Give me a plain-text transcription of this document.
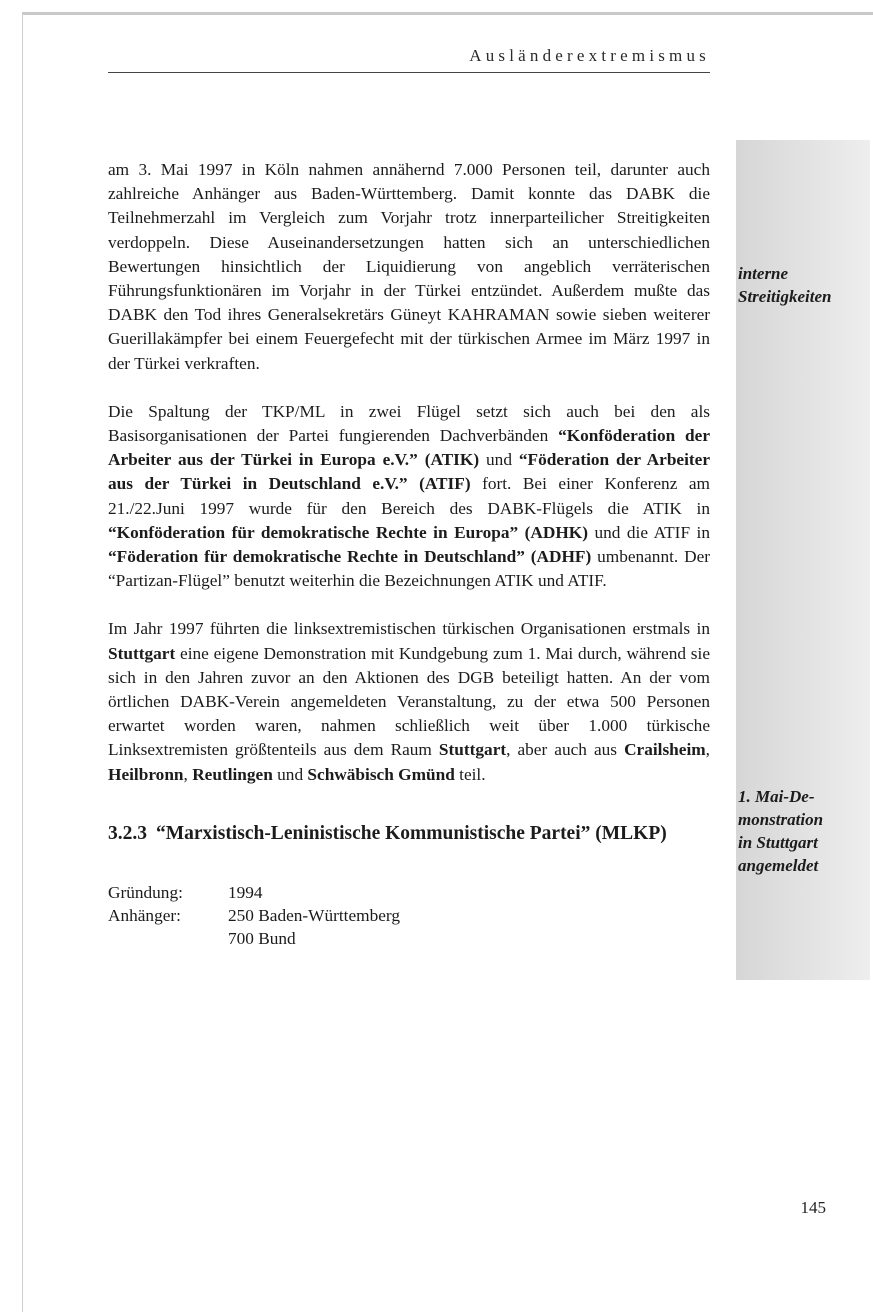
Ausländerextremismus

am 3. Mai 1997 in Köln nahmen annähernd 7.000 Personen teil, darunter auch zahlreiche Anhänger aus Baden-Württemberg. Damit konnte das DABK die Teilnehmerzahl im Vergleich zum Vorjahr trotz innerparteilicher Streitigkeiten verdoppeln. Diese Auseinandersetzungen hatten sich an unterschiedlichen Bewertungen hinsichtlich der Liquidierung von angeblich verräterischen Führungsfunktionären im Vorjahr in der Türkei entzündet. Außerdem mußte das DABK den Tod ihres Generalsekretärs Güneyt KAHRAMAN sowie sieben weiterer Guerillakämpfer bei einem Feuergefecht mit der türkischen Armee im März 1997 in der Türkei verkraften.

Die Spaltung der TKP/ML in zwei Flügel setzt sich auch bei den als Basisorganisationen der Partei fungierenden Dachverbänden “Konföderation der Arbeiter aus der Türkei in Europa e.V.” (ATIK) und “Föderation der Arbeiter aus der Türkei in Deutschland e.V.” (ATIF) fort. Bei einer Konferenz am 21./22.Juni 1997 wurde für den Bereich des DABK-Flügels die ATIK in “Konföderation für demokratische Rechte in Europa” (ADHK) und die ATIF in “Föderation für demokratische Rechte in Deutschland” (ADHF) umbenannt. Der “Partizan-Flügel” benutzt weiterhin die Bezeichnungen ATIK und ATIF.

Im Jahr 1997 führten die linksextremistischen türkischen Organisationen erstmals in Stuttgart eine eigene Demonstration mit Kundgebung zum 1. Mai durch, während sie sich in den Jahren zuvor an den Aktionen des DGB beteiligt hatten. An der vom örtlichen DABK-Verein angemeldeten Veranstaltung, zu der etwa 500 Personen erwartet worden waren, nahmen schließlich weit über 1.000 türkische Linksextremisten größtenteils aus dem Raum Stuttgart, aber auch aus Crailsheim, Heilbronn, Reutlingen und Schwäbisch Gmünd teil.

3.2.3 “Marxistisch-Leninistische Kommunistische Partei” (MLKP)
Gründung:	1994
Anhänger:	250 Baden-Württemberg
700 Bund
interne
Streitigkeiten
1. Mai-De-
monstration
in Stuttgart
angemeldet
145
